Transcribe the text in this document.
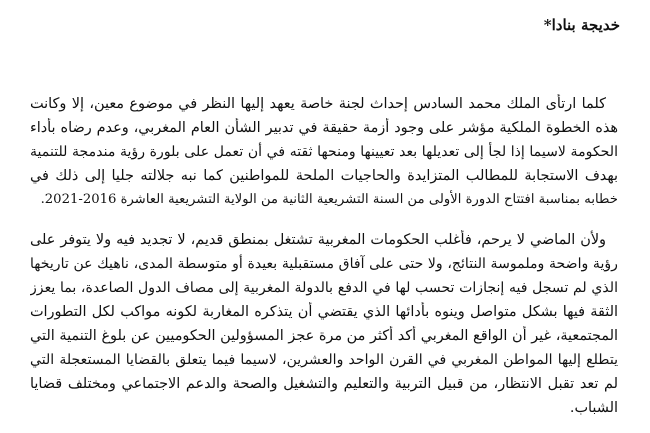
خديجة بنادا*
كلما ارتأى الملك محمد السادس إحداث لجنة خاصة يعهد إليها النظر في موضوع معين، إلا وكانت
هذه الخطوة الملكية مؤشر على وجود أزمة حقيقة في تدبير الشأن العام المغربي، وعدم رضاه بأداء
الحكومة لاسيما إذا لجأ إلى تعديلها بعد تعيينها ومنحها ثقته في أن تعمل على بلورة رؤية مندمجة للتنمية
بهدف الاستجابة للمطالب المتزايدة والحاجيات الملحة للمواطنين كما نبه جلالته جليا إلى ذلك في
خطابه بمناسبة افتتاح الدورة الأولى من السنة التشريعية الثانية من الولاية التشريعية العاشرة 2016-2021.
ولأن الماضي لا يرحم، فأغلب الحكومات المغربية تشتغل بمنطق قديم، لا تجديد فيه ولا يتوفر على
رؤية واضحة وملموسة النتائج، ولا حتى على آفاق مستقبلية بعيدة أو متوسطة المدى، ناهيك عن تاريخها
الذي لم تسجل فيه إنجازات تحسب لها في الدفع بالدولة المغربية إلى مصاف الدول الصاعدة، بما يعزز
الثقة فيها بشكل متواصل وينوه بأدائها الذي يقتضي أن يتذكره المغاربة لكونه مواكب لكل التطورات
المجتمعية، غير أن الواقع المغربي أكد أكثر من مرة عجز المسؤولين الحكوميين عن بلوغ التنمية التي
يتطلع إليها المواطن المغربي في القرن الواحد والعشرين، لاسيما فيما يتعلق بالقضايا المستعجلة التي
لم تعد تقبل الانتظار، من قبيل التربية والتعليم والتشغيل والصحة والدعم الاجتماعي ومختلف قضايا
الشباب.
